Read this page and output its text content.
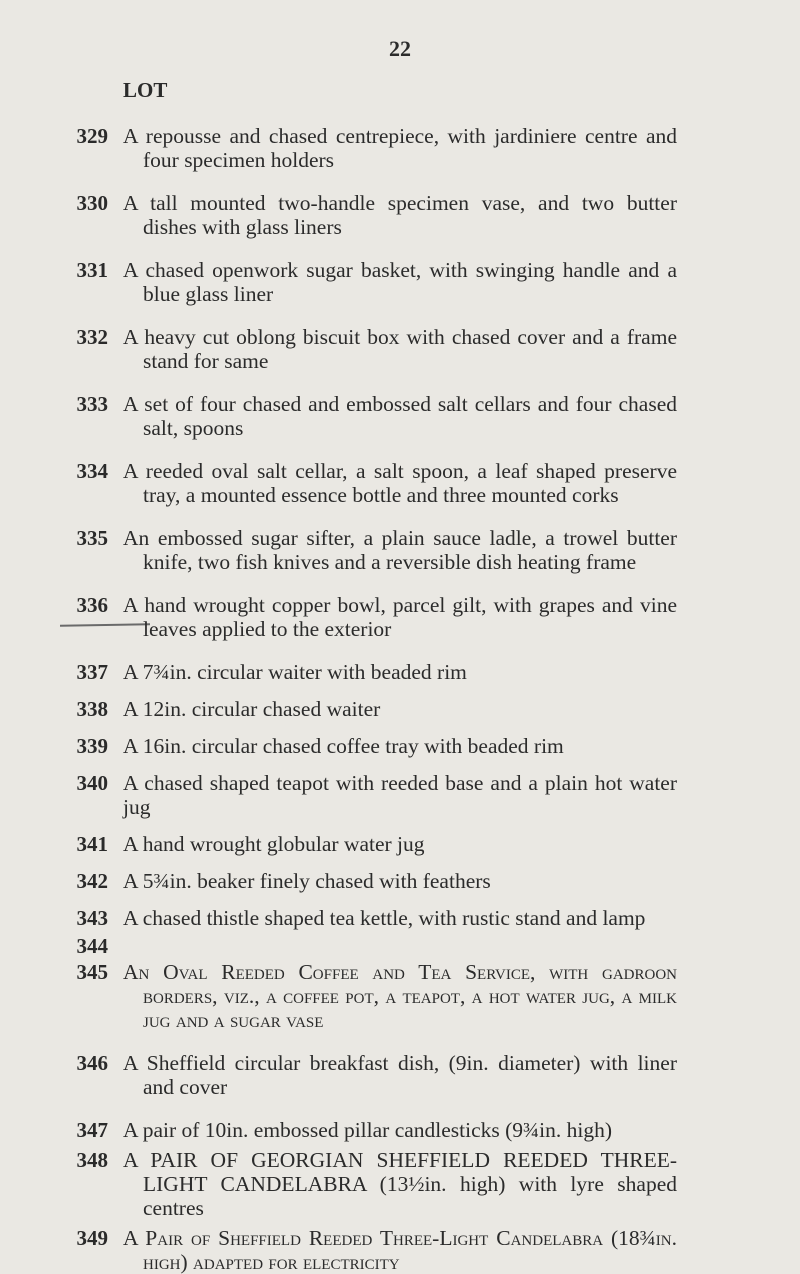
22
LOT
329 A repousse and chased centrepiece, with jardiniere centre and four specimen holders
330 A tall mounted two-handle specimen vase, and two butter dishes with glass liners
331 A chased openwork sugar basket, with swinging handle and a blue glass liner
332 A heavy cut oblong biscuit box with chased cover and a frame stand for same
333 A set of four chased and embossed salt cellars and four chased salt, spoons
334 A reeded oval salt cellar, a salt spoon, a leaf shaped preserve tray, a mounted essence bottle and three mounted corks
335 An embossed sugar sifter, a plain sauce ladle, a trowel butter knife, two fish knives and a reversible dish heating frame
336 A hand wrought copper bowl, parcel gilt, with grapes and vine leaves applied to the exterior
337 A 7¾in. circular waiter with beaded rim
338 A 12in. circular chased waiter
339 A 16in. circular chased coffee tray with beaded rim
340 A chased shaped teapot with reeded base and a plain hot water jug
341 A hand wrought globular water jug
342 A 5¾in. beaker finely chased with feathers
343 A chased thistle shaped tea kettle, with rustic stand and lamp
344
345 An Oval Reeded Coffee and Tea Service, with gadroon borders, viz., a coffee pot, a teapot, a hot water jug, a milk jug and a sugar vase
346 A Sheffield circular breakfast dish, (9in. diameter) with liner and cover
347 A pair of 10in. embossed pillar candlesticks (9¾in. high)
348 A PAIR OF GEORGIAN SHEFFIELD REEDED THREE-LIGHT CANDELABRA (13½in. high) with lyre shaped centres
349 A Pair of Sheffield Reeded Three-Light Candelabra (18¾in. high) adapted for electricity
